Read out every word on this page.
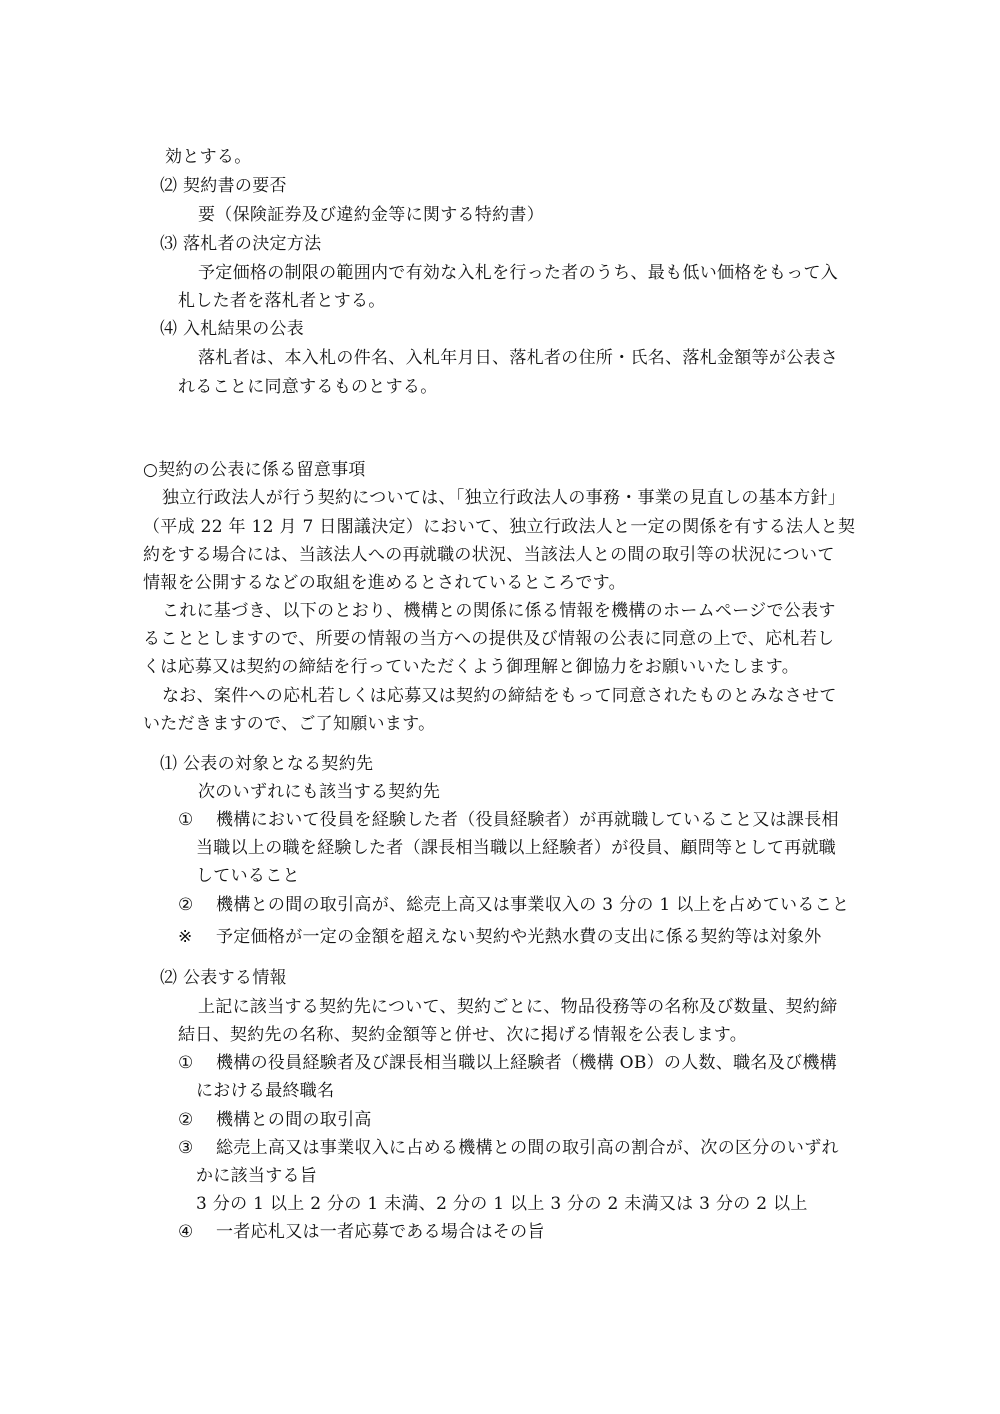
効とする。
⑵ 契約書の要否
要（保険証券及び違約金等に関する特約書）
⑶ 落札者の決定方法
予定価格の制限の範囲内で有効な入札を行った者のうち、最も低い価格をもって入
札した者を落札者とする。
⑷ 入札結果の公表
落札者は、本入札の件名、入札年月日、落札者の住所・氏名、落札金額等が公表さ
れることに同意するものとする。
○契約の公表に係る留意事項
独立行政法人が行う契約については、「独立行政法人の事務・事業の見直しの基本方針」
（平成 22 年 12 月 7 日閣議決定）において、独立行政法人と一定の関係を有する法人と契
約をする場合には、当該法人への再就職の状況、当該法人との間の取引等の状況について
情報を公開するなどの取組を進めるとされているところです。
これに基づき、以下のとおり、機構との関係に係る情報を機構のホームページで公表す
ることとしますので、所要の情報の当方への提供及び情報の公表に同意の上で、応札若し
くは応募又は契約の締結を行っていただくよう御理解と御協力をお願いいたします。
なお、案件への応札若しくは応募又は契約の締結をもって同意されたものとみなさせて
いただきますので、ご了知願います。
⑴ 公表の対象となる契約先
次のいずれにも該当する契約先
① 機構において役員を経験した者（役員経験者）が再就職していること又は課長相
当職以上の職を経験した者（課長相当職以上経験者）が役員、顧問等として再就職
していること
② 機構との間の取引高が、総売上高又は事業収入の 3 分の 1 以上を占めていること
※ 予定価格が一定の金額を超えない契約や光熱水費の支出に係る契約等は対象外
⑵ 公表する情報
上記に該当する契約先について、契約ごとに、物品役務等の名称及び数量、契約締
結日、契約先の名称、契約金額等と併せ、次に掲げる情報を公表します。
① 機構の役員経験者及び課長相当職以上経験者（機構 OB）の人数、職名及び機構
における最終職名
② 機構との間の取引高
③ 総売上高又は事業収入に占める機構との間の取引高の割合が、次の区分のいずれ
かに該当する旨
3 分の 1 以上 2 分の 1 未満、2 分の 1 以上 3 分の 2 未満又は 3 分の 2 以上
④ 一者応札又は一者応募である場合はその旨
